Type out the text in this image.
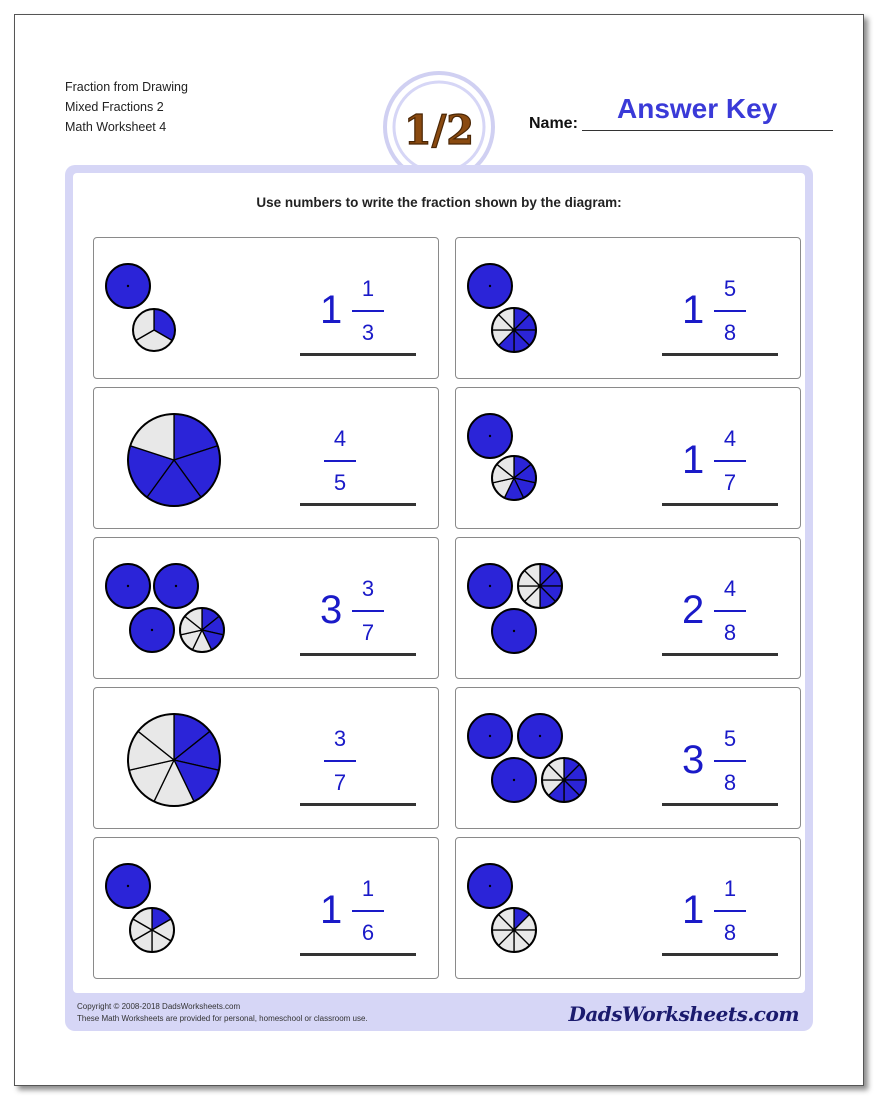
Fraction from Drawing
Mixed Fractions 2
Math Worksheet 4	1/2	Name: Answer Key
Use numbers to write the fraction shown by the diagram:
1 1
3
1 5
8
4
5
1 4
7
3 3
7
2 4
8
3
7
3 5
8
1 1
6
1 1
8
Copyright © 2008-2018 DadsWorksheets.com
These Math Worksheets are provided for personal, homeschool or classroom use.	DadsWorksheets.com
